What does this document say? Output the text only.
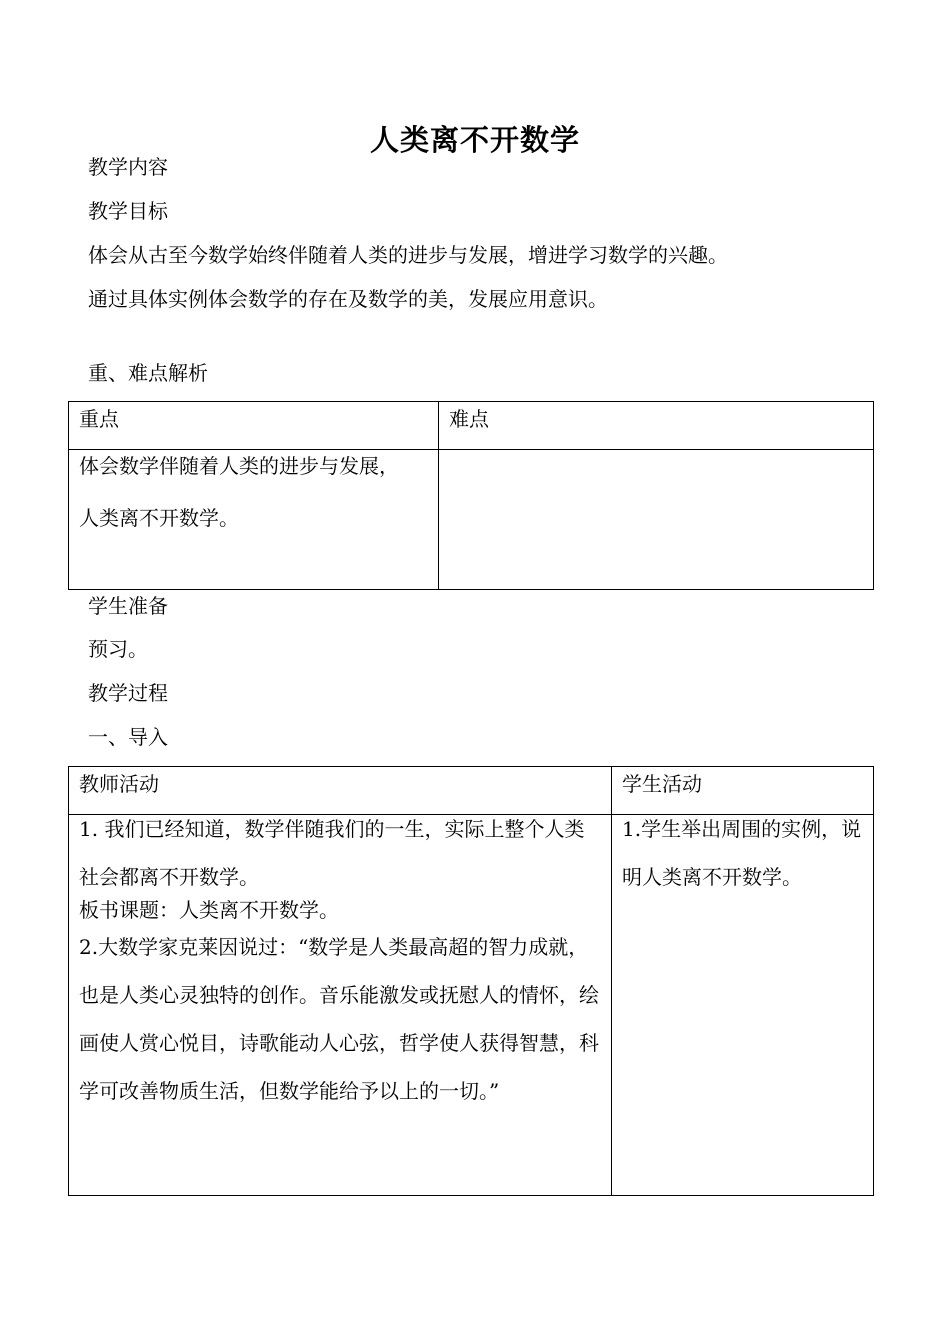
人类离不开数学
教学内容
教学目标
体会从古至今数学始终伴随着人类的进步与发展，增进学习数学的兴趣。
通过具体实例体会数学的存在及数学的美，发展应用意识。
重、难点解析
重点	难点

体会数学伴随着人类的进步与发展，
人类离不开数学。	

学生准备
预习。
教学过程
一、导入
教师活动	学生活动

1. 我们已经知道，数学伴随我们的一生，实际上整个人类社会都离不开数学。
板书课题：人类离不开数学。
2.大数学家克莱因说过：“数学是人类最高超的智力成就，也是人类心灵独特的创作。音乐能激发或抚慰人的情怀，绘画使人赏心悦目，诗歌能动人心弦，哲学使人获得智慧，科学可改善物质生活，但数学能给予以上的一切。”	1.学生举出周围的实例，说明人类离不开数学。
